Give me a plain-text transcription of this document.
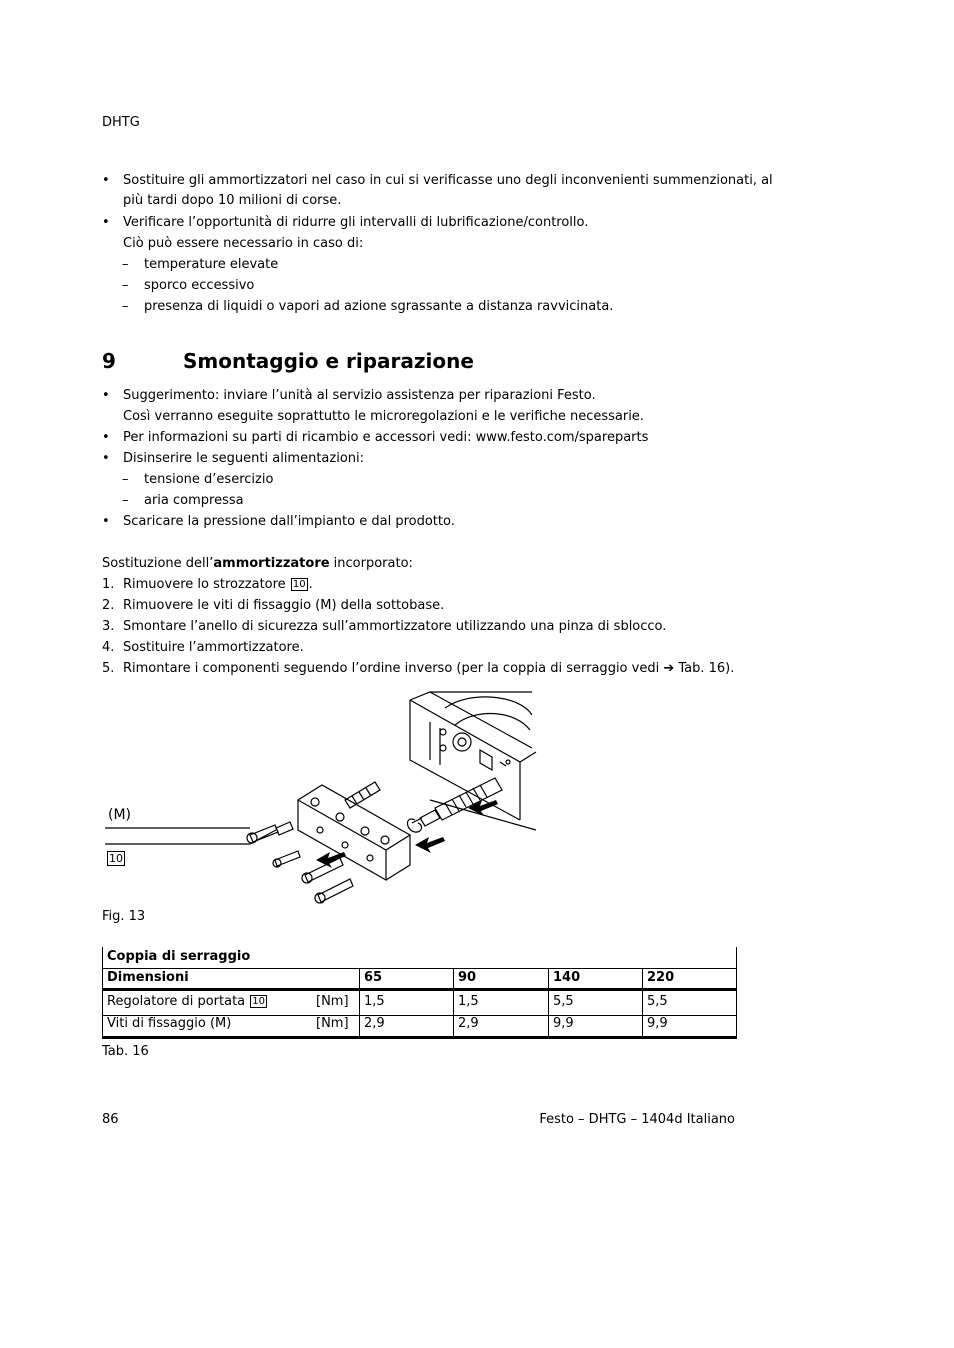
DHTG
• Sostituire gli ammortizzatori nel caso in cui si verificasse uno degli inconvenienti summenzionati, al
più tardi dopo 10 milioni di corse.
• Verificare l’opportunità di ridurre gli intervalli di lubrificazione/controllo.
Ciò può essere necessario in caso di:
– temperature elevate
– sporco eccessivo
– presenza di liquidi o vapori ad azione sgrassante a distanza ravvicinata.
9	Smontaggio e riparazione
• Suggerimento: inviare l’unità al servizio assistenza per riparazioni Festo.
Così verranno eseguite soprattutto le microregolazioni e le verifiche necessarie.
• Per informazioni su parti di ricambio e accessori vedi: www.festo.com/spareparts
• Disinserire le seguenti alimentazioni:
– tensione d’esercizio
– aria compressa
• Scaricare la pressione dall’impianto e dal prodotto.
Sostituzione dell’ammortizzatore incorporato:
1. Rimuovere lo strozzatore 10 .
2. Rimuovere le viti di fissaggio (M) della sottobase.
3. Smontare l’anello di sicurezza sull’ammortizzatore utilizzando una pinza di sblocco.
4. Sostituire l’ammortizzatore.
5. Rimontare i componenti seguendo l’ordine inverso (per la coppia di serraggio vedi ➔ Tab. 16).
(M)
10
Fig. 13
Coppia di serraggio
Dimensioni	65	90	140	220
Regolatore di portata 10	[Nm] 1,5	1,5	5,5	5,5
Viti di fissaggio (M)	[Nm] 2,9	2,9	9,9	9,9
Tab. 16
86	Festo – DHTG – 1404d Italiano
